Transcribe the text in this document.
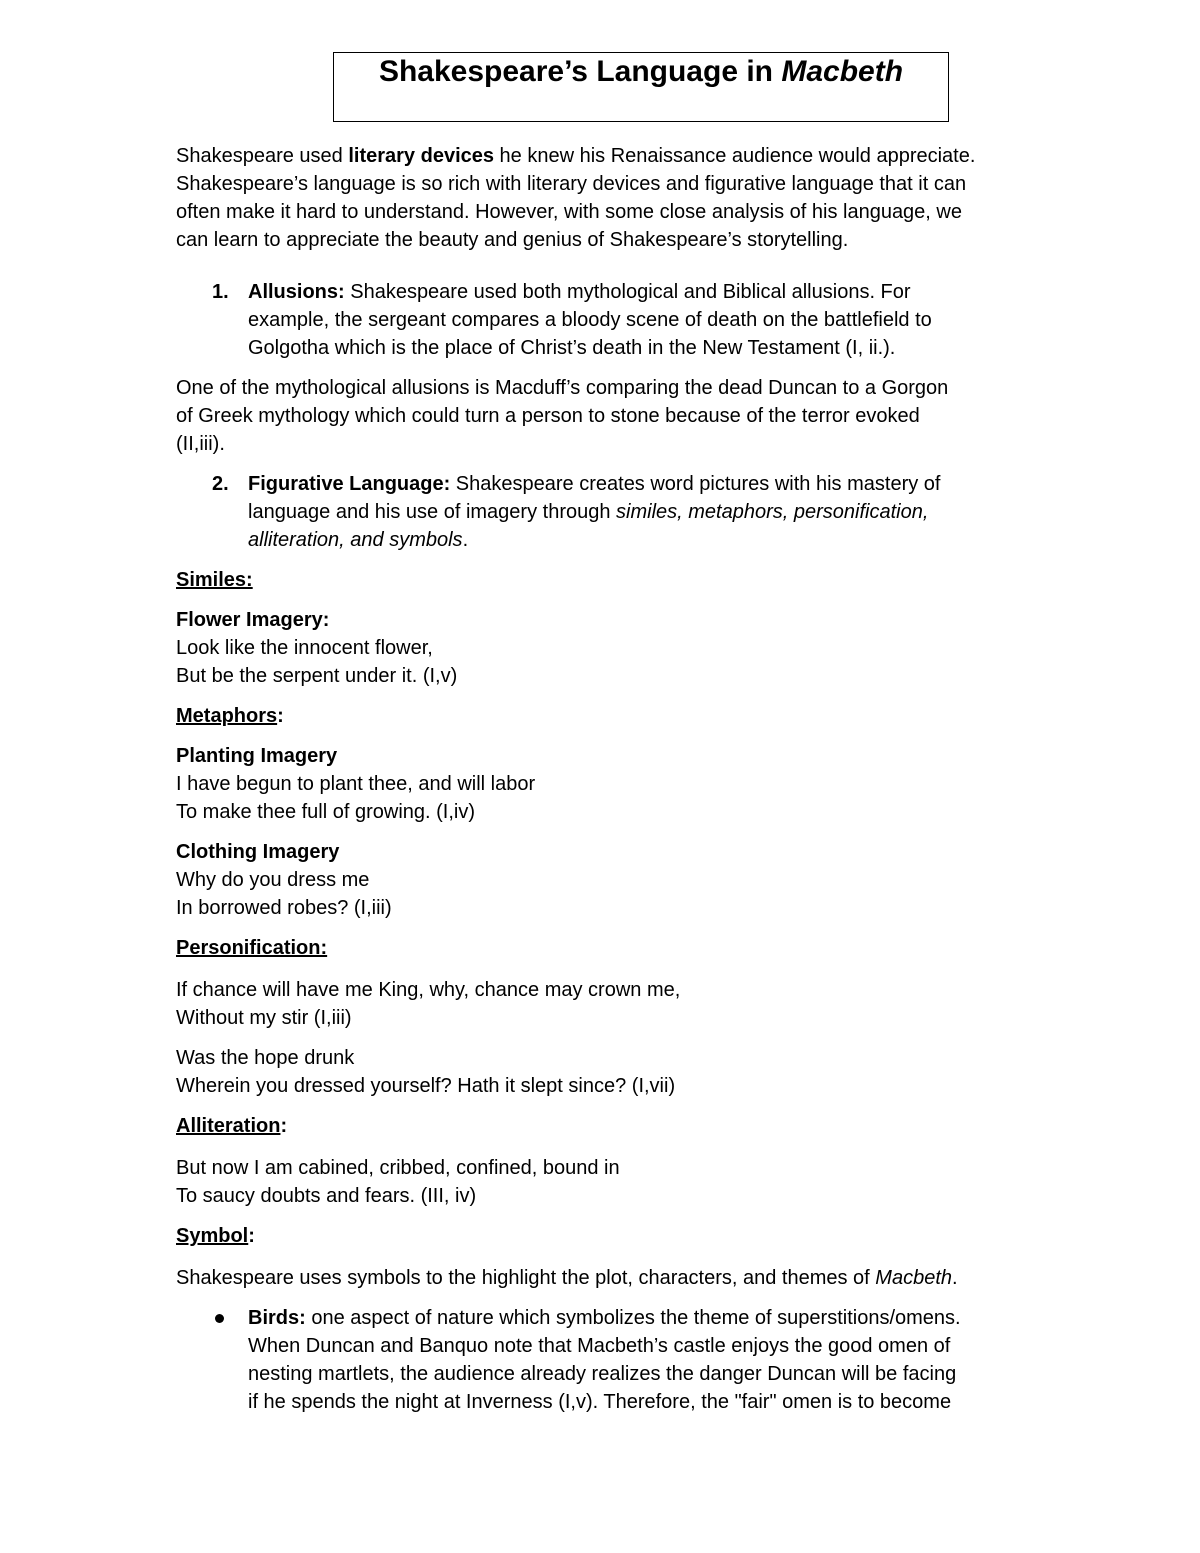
Shakespeare’s Language in Macbeth

Shakespeare used literary devices he knew his Renaissance audience would appreciate.
Shakespeare’s language is so rich with literary devices and figurative language that it can
often make it hard to understand. However, with some close analysis of his language, we
can learn to appreciate the beauty and genius of Shakespeare’s storytelling.

1. Allusions: Shakespeare used both mythological and Biblical allusions. For
example, the sergeant compares a bloody scene of death on the battlefield to
Golgotha which is the place of Christ’s death in the New Testament (I, ii.).

One of the mythological allusions is Macduff’s comparing the dead Duncan to a Gorgon
of Greek mythology which could turn a person to stone because of the terror evoked
(II,iii).

2. Figurative Language: Shakespeare creates word pictures with his mastery of
language and his use of imagery through similes, metaphors, personification,
alliteration, and symbols.

Similes:

Flower Imagery:
Look like the innocent flower,
But be the serpent under it. (I,v)

Metaphors:

Planting Imagery
I have begun to plant thee, and will labor
To make thee full of growing. (I,iv)

Clothing Imagery
Why do you dress me
In borrowed robes? (I,iii)

Personification:

If chance will have me King, why, chance may crown me,
Without my stir (I,iii)

Was the hope drunk
Wherein you dressed yourself? Hath it slept since? (I,vii)

Alliteration:

But now I am cabined, cribbed, confined, bound in
To saucy doubts and fears. (III, iv)

Symbol:

Shakespeare uses symbols to the highlight the plot, characters, and themes of Macbeth.

Birds: one aspect of nature which symbolizes the theme of superstitions/omens.
When Duncan and Banquo note that Macbeth’s castle enjoys the good omen of
nesting martlets, the audience already realizes the danger Duncan will be facing
if he spends the night at Inverness (I,v). Therefore, the "fair" omen is to become
